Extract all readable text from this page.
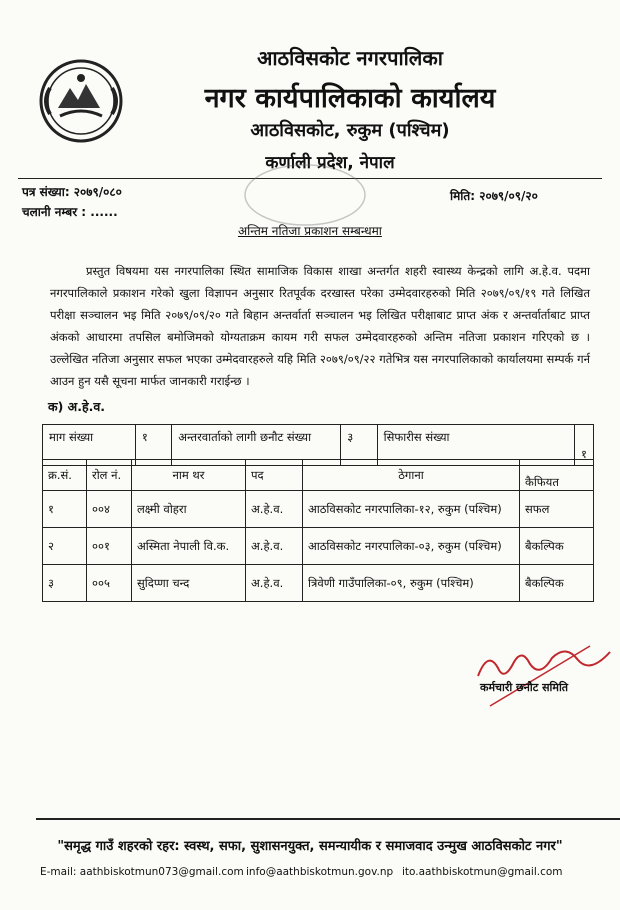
आठविसकोट नगरपालिका
नगर कार्यपालिकाको कार्यालय
आठविसकोट, रुकुम (पश्चिम)
कर्णाली प्रदेश, नेपाल
पत्र संख्या: २०७९/०८०
चलानी नम्बर : ......
मिति: २०७९/०९/२०
अन्तिम नतिजा प्रकाशन सम्बन्धमा
प्रस्तुत विषयमा यस नगरपालिका स्थित सामाजिक विकास शाखा अन्तर्गत शहरी स्वास्थ्य केन्द्रको लागि अ.हे.व. पदमा नगरपालिकाले प्रकाशन गरेको खुला विज्ञापन अनुसार रितपूर्वक दरखास्त परेका उम्मेदवारहरुको मिति २०७९/०९/१९ गते लिखित परीक्षा सञ्चालन भइ मिति २०७९/०९/२० गते बिहान अन्तर्वार्ता सञ्चालन भइ लिखित परीक्षाबाट प्राप्त अंक र अन्तर्वार्ताबाट प्राप्त अंकको आधारमा तपसिल बमोजिमको योग्यताक्रम कायम गरी सफल उम्मेदवारहरुको अन्तिम नतिजा प्रकाशन गरिएको छ । उल्लेखित नतिजा अनुसार सफल भएका उम्मेदवारहरुले यहि मिति २०७९/०९/२२ गतेभित्र यस नगरपालिकाको कार्यालयमा सम्पर्क गर्न आउन हुन यसै सूचना मार्फत जानकारी गराईन्छ ।
क) अ.हे.व.
माग संख्या	१	अन्तरवार्ताको लागी छनौट संख्या	३	सिफारीस संख्या	१
क्र.सं.	रोल नं.	नाम थर	पद	ठेगाना	कैफियत
१	००४	लक्ष्मी वोहरा	अ.हे.व.	आठविसकोट नगरपालिका-१२, रुकुम (पश्चिम)	सफल
२	००१	अस्मिता नेपाली वि.क.	अ.हे.व.	आठविसकोट नगरपालिका-०३, रुकुम (पश्चिम)	बैकल्पिक
३	००५	सुदिप्णा चन्द	अ.हे.व.	त्रिवेणी गाउँपालिका-०९, रुकुम (पश्चिम)	बैकल्पिक
कर्मचारी छनौट समिति
"समृद्ध गाउँ शहरको रहर: स्वस्थ, सफा, सुशासनयुक्त, समन्यायीक र समाजवाद उन्मुख आठविसकोट नगर"
E-mail: aathbiskotmun073@gmail.com info@aathbiskotmun.gov.np ito.aathbiskotmun@gmail.com
